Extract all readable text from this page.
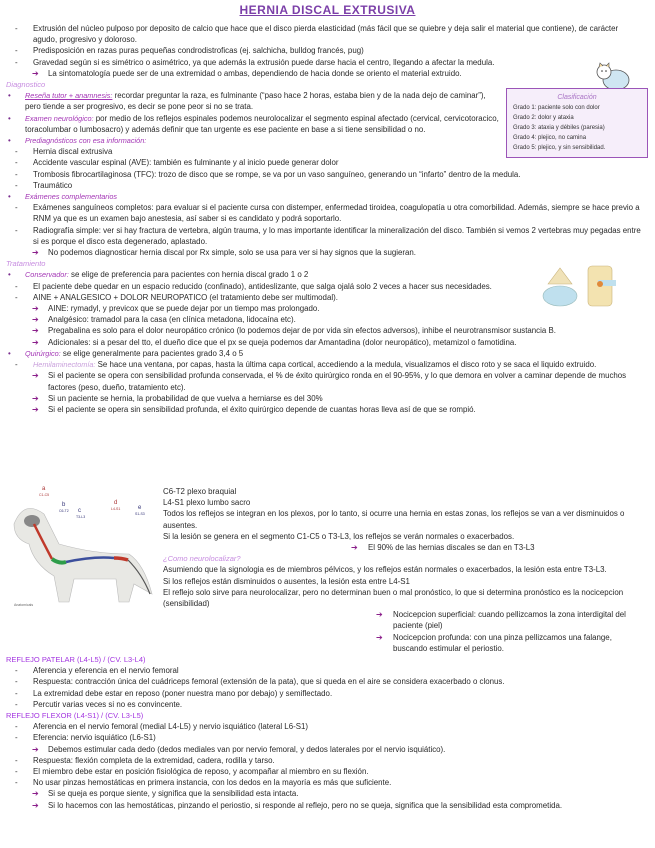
HERNIA DISCAL EXTRUSIVA
Clasificación
Grado 1: paciente solo con dolor
Grado 2: dolor y ataxia
Grado 3: ataxia y débiles (paresia)
Grado 4: plejico, no camina
Grado 5: plejico, y sin sensibilidad.
- Extrusión del núcleo pulposo por deposito de calcio que hace que el disco pierda elasticidad (más fácil que se quiebre y deja salir el material que contiene), de carácter agudo, progresivo y doloroso.
- Predisposición en razas puras pequeñas condrodistroficas (ej. salchicha, bulldog francés, pug)
- Gravedad según si es simétrico o asimétrico, ya que además la extrusión puede darse hacia el centro, llegando a afectar la medula.
➔ La sintomatología puede ser de una extremidad o ambas, dependiendo de hacia donde se oriento el material extruido.
Diagnostico
• Reseña tutor + anamnesis: recordar preguntar la raza, es fulminante (“paso hace 2 horas, estaba bien y de la nada dejo de caminar”), pero tiende a ser progresivo, es decir se pone peor si no se trata.
• Examen neurológico: por medio de los reflejos espinales podemos neurolocalizar el segmento espinal afectado (cervical, cervicotoracico, toracolumbar o lumbosacro) y además definir que tan urgente es ese paciente en base a si tiene sensibilidad o no.
• Prediagnósticos con esa información:
- Hernia discal extrusiva
- Accidente vascular espinal (AVE): también es fulminante y al inicio puede generar dolor
- Trombosis fibrocartilaginosa (TFC): trozo de disco que se rompe, se va por un vaso sanguíneo, generando un “infarto” dentro de la medula.
- Traumático
• Exámenes complementarios
- Exámenes sanguíneos completos: para evaluar si el paciente cursa con distemper, enfermedad tiroidea, coagulopatía u otra comorbilidad. Además, siempre se hace previo a RNM ya que es un examen bajo anestesia, así saber si es candidato y podrá soportarlo.
- Radiografía simple: ver si hay fractura de vertebra, algún trauma, y lo mas importante identificar la mineralización del disco. También si vemos 2 vertebras muy pegadas entre si es porque el disco esta degenerado, aplastado.
➔ No podemos diagnosticar hernia discal por Rx simple, solo se usa para ver si hay signos que la sugieran.
Tratamiento
• Conservador: se elige de preferencia para pacientes con hernia discal grado 1 o 2
- El paciente debe quedar en un espacio reducido (confinado), antideslizante, que salga ojalá solo 2 veces a hacer sus necesidades.
- AINE + ANALGESICO + DOLOR NEUROPATICO (el tratamiento debe ser multimodal).
➔ AINE: rymadyl, y previcox que se puede dejar por un tiempo mas prolongado.
➔ Analgésico: tramadol para la casa (en clínica metadona, lidocaína etc).
➔ Pregabalina es solo para el dolor neuropático crónico (lo podemos dejar de por vida sin efectos adversos), inhibe el neurotransmisor sustancia B.
➔ Adicionales: si a pesar del tto, el dueño dice que el px se queja podemos dar Amantadina (dolor neuropático), metamizol o famotidina.
• Quirúrgico: se elige generalmente para pacientes grado 3,4 o 5
- Hemilaminectomía: Se hace una ventana, por capas, hasta la última capa cortical, accediendo a la medula, visualizamos el disco roto y se saca el liquido extruido.
➔ Si el paciente se opera con sensibilidad profunda conservada, el % de éxito quirúrgico ronda en el 90-95%, y lo que demora en volver a caminar depende de muchos factores (peso, dueño, tratamiento etc).
➔ Si un paciente se hernia, la probabilidad de que vuelva a herniarse es del 30%
➔ Si el paciente se opera sin sensibilidad profunda, el éxito quirúrgico depende de cuantas horas lleva así de que se rompió.
a
C1-C5
b
C6-T2 c
T3-L3
d
L4-S1	e
S1-S3
Anatomicals
C6-T2 plexo braquial
L4-S1 plexo lumbo sacro
Todos los reflejos se integran en los plexos, por lo tanto, si ocurre una hernia en estas zonas, los reflejos se van a ver disminuidos o ausentes.
Si la lesión se genera en el segmento C1-C5 o T3-L3, los reflejos se verán normales o exacerbados.
➔ El 90% de las hernias discales se dan en T3-L3
¿Como neurolocalizar?
Asumiendo que la signologia es de miembros pélvicos, y los reflejos están normales o exacerbados, la lesión esta entre T3-L3.
Si los reflejos están disminuidos o ausentes, la lesión esta entre L4-S1
El reflejo solo sirve para neurolocalizar, pero no determinan buen o mal pronóstico, lo que si determina pronóstico es la nocicepcion (sensibilidad)
➔ Nocicepcion superficial: cuando pellizcamos la zona interdigital del paciente (piel)
➔ Nocicepcion profunda: con una pinza pellizcamos una falange, buscando estimular el periostio.
REFLEJO PATELAR (L4-L5) / (CV. L3-L4)
- Aferencia y eferencia en el nervio femoral
- Respuesta: contracción única del cuádriceps femoral (extensión de la pata), que si queda en el aire se considera exacerbado o clonus.
- La extremidad debe estar en reposo (poner nuestra mano por debajo) y semiflectado.
- Percutir varias veces si no es convincente.
REFLEJO FLEXOR (L4-S1) / (CV. L3-L5)
- Aferencia en el nervio femoral (medial L4-L5) y nervio isquiático (lateral L6-S1)
- Eferencia: nervio isquiático (L6-S1)
➔ Debemos estimular cada dedo (dedos mediales van por nervio femoral, y dedos laterales por el nervio isquiático).
- Respuesta: flexión completa de la extremidad, cadera, rodilla y tarso.
- El miembro debe estar en posición fisiológica de reposo, y acompañar al miembro en su flexión.
- No usar pinzas hemostáticas en primera instancia, con los dedos en la mayoría es más que suficiente.
➔ Si se queja es porque siente, y significa que la sensibilidad esta intacta.
➔ Si lo hacemos con las hemostáticas, pinzando el periostio, si responde al reflejo, pero no se queja, significa que la sensibilidad esta comprometida.
